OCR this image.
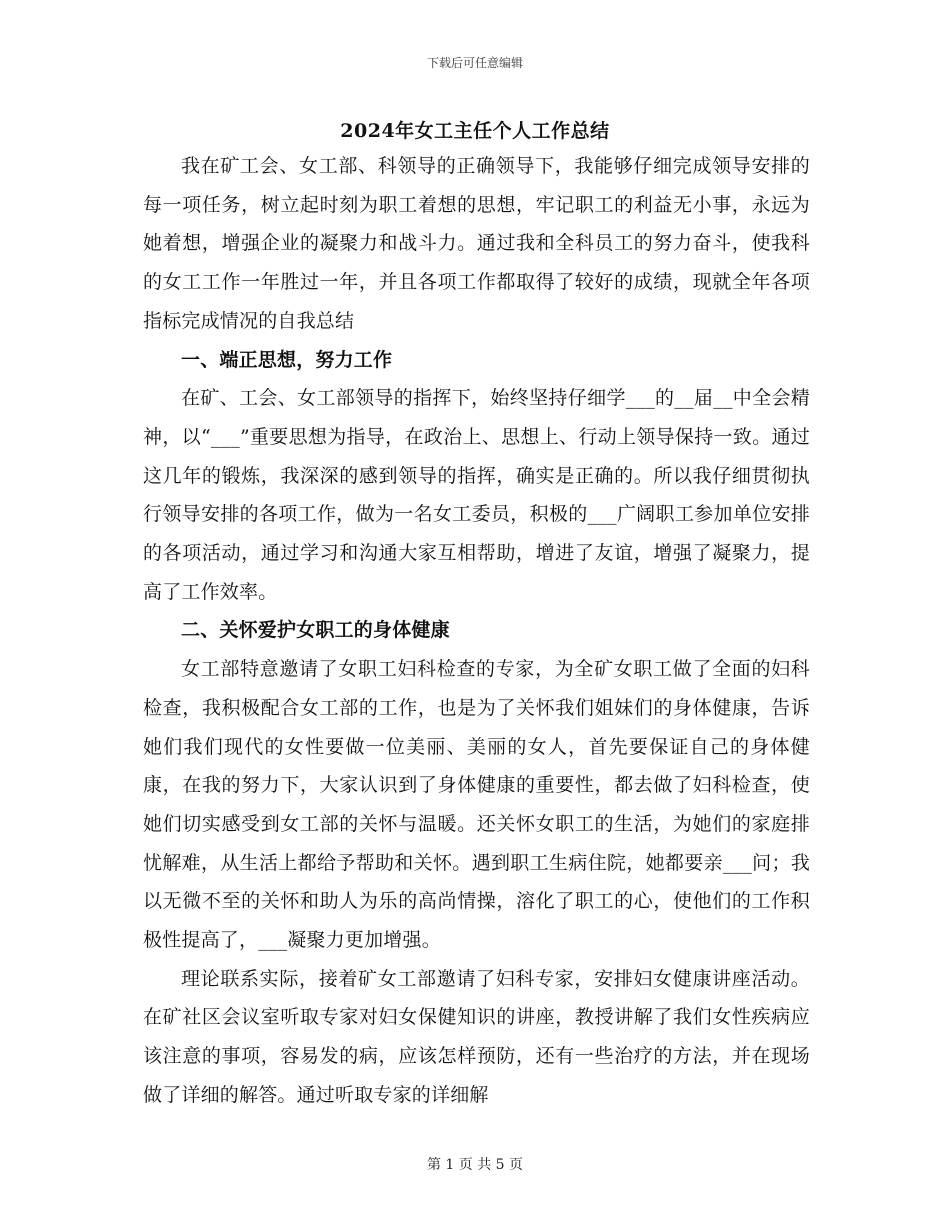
下载后可任意编辑
2024年女工主任个人工作总结

我在矿工会、女工部、科领导的正确领导下，我能够仔细完成领导安排的每一项任务，树立起时刻为职工着想的思想，牢记职工的利益无小事，永远为她着想，增强企业的凝聚力和战斗力。通过我和全科员工的努力奋斗，使我科的女工工作一年胜过一年，并且各项工作都取得了较好的成绩，现就全年各项指标完成情况的自我总结

一、端正思想，努力工作

在矿、工会、女工部领导的指挥下，始终坚持仔细学___的__届__中全会精神，以“___”重要思想为指导，在政治上、思想上、行动上领导保持一致。通过这几年的锻炼，我深深的感到领导的指挥，确实是正确的。所以我仔细贯彻执行领导安排的各项工作，做为一名女工委员，积极的___广阔职工参加单位安排的各项活动，通过学习和沟通大家互相帮助，增进了友谊，增强了凝聚力，提高了工作效率。

二、关怀爱护女职工的身体健康

女工部特意邀请了女职工妇科检查的专家，为全矿女职工做了全面的妇科检查，我积极配合女工部的工作，也是为了关怀我们姐妹们的身体健康，告诉她们我们现代的女性要做一位美丽、美丽的女人，首先要保证自己的身体健康，在我的努力下，大家认识到了身体健康的重要性，都去做了妇科检查，使她们切实感受到女工部的关怀与温暖。还关怀女职工的生活，为她们的家庭排忧解难，从生活上都给予帮助和关怀。遇到职工生病住院，她都要亲___问；我以无微不至的关怀和助人为乐的高尚情操，溶化了职工的心，使他们的工作积极性提高了，___凝聚力更加增强。

理论联系实际，接着矿女工部邀请了妇科专家，安排妇女健康讲座活动。在矿社区会议室听取专家对妇女保健知识的讲座，教授讲解了我们女性疾病应该注意的事项，容易发的病，应该怎样预防，还有一些治疗的方法，并在现场做了详细的解答。通过听取专家的详细解

第 1 页 共 5 页
